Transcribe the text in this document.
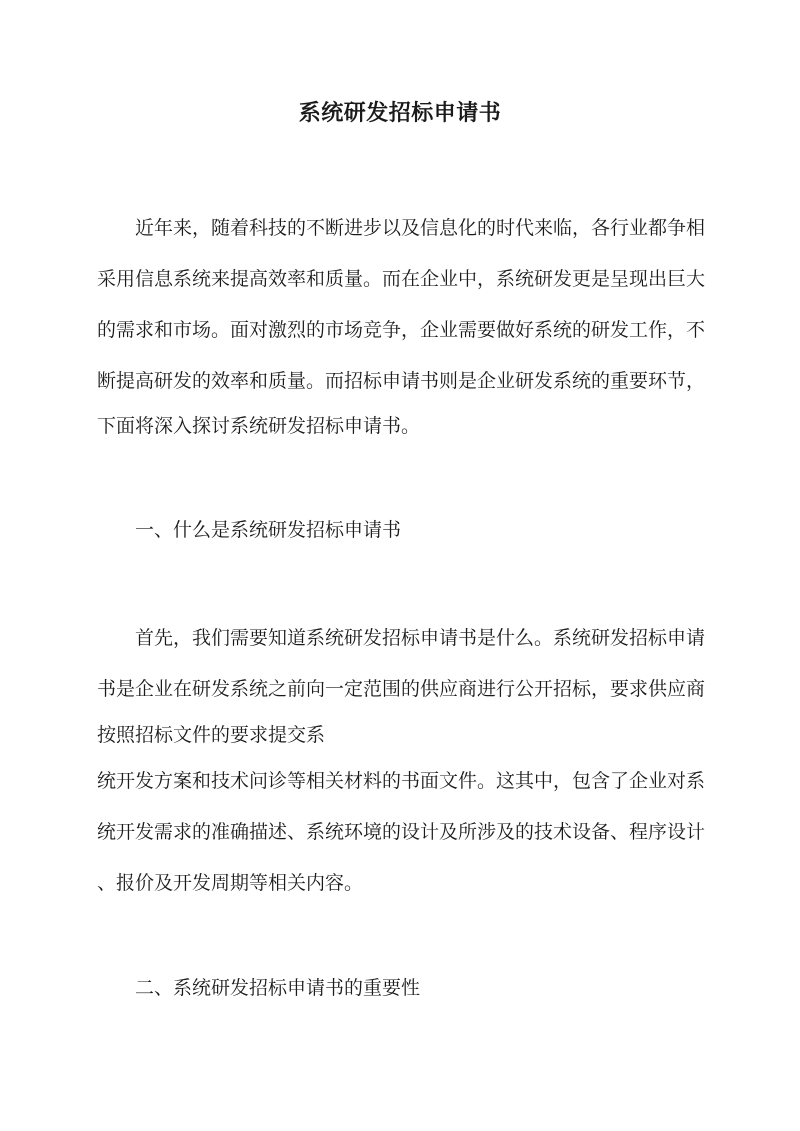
系统研发招标申请书
近年来，随着科技的不断进步以及信息化的时代来临，各行业都争相
采用信息系统来提高效率和质量。而在企业中，系统研发更是呈现出巨大
的需求和市场。面对激烈的市场竞争，企业需要做好系统的研发工作，不
断提高研发的效率和质量。而招标申请书则是企业研发系统的重要环节，
下面将深入探讨系统研发招标申请书。
一、什么是系统研发招标申请书
首先，我们需要知道系统研发招标申请书是什么。系统研发招标申请
书是企业在研发系统之前向一定范围的供应商进行公开招标，要求供应商
按照招标文件的要求提交系
统开发方案和技术问诊等相关材料的书面文件。这其中，包含了企业对系
统开发需求的准确描述、系统环境的设计及所涉及的技术设备、程序设计
、报价及开发周期等相关内容。
二、系统研发招标申请书的重要性
